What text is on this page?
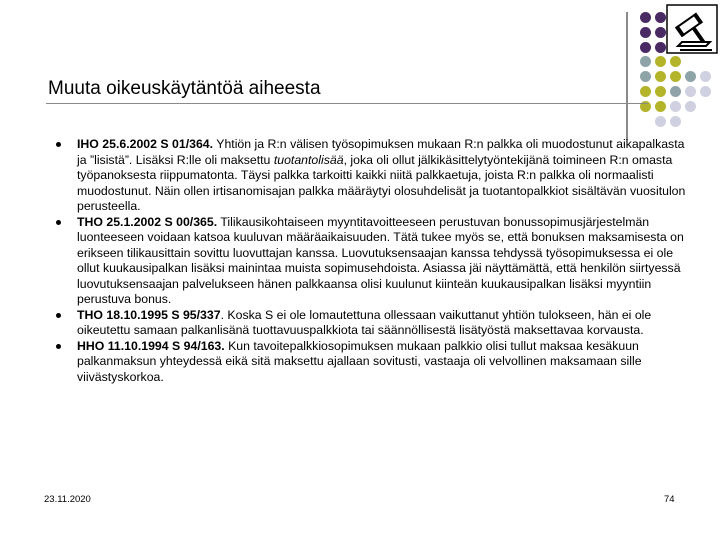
Muuta oikeuskäytäntöä aiheesta
IHO 25.6.2002 S 01/364. Yhtiön ja R:n välisen työsopimuksen mukaan R:n palkka oli muodostunut aikapalkasta ja ”lisistä”. Lisäksi R:lle oli maksettu tuotantolisää, joka oli ollut jälkikäsittelytyöntekijänä toimineen R:n omasta työpanoksesta riippumatonta. Täysi palkka tarkoitti kaikki niitä palkkaetuja, joista R:n palkka oli normaalisti muodostunut. Näin ollen irtisanomisajan palkka määräytyi olosuhdelisät ja tuotantopalkkiot sisältävän vuositulon perusteella.
THO 25.1.2002 S 00/365. Tilikausikohtaiseen myyntitavoitteeseen perustuvan bonussopimusjärjestelmän luonteeseen voidaan katsoa kuuluvan määräaikaisuuden. Tätä tukee myös se, että bonuksen maksamisesta on erikseen tilikausittain sovittu luovuttajan kanssa. Luovutuksensaajan kanssa tehdyssä työsopimuksessa ei ole ollut kuukausipalkan lisäksi mainintaa muista sopimusehdoista. Asiassa jäi näyttämättä, että henkilön siirtyessä luovutuksensaajan palvelukseen hänen palkkaansa olisi kuulunut kiinteän kuukausipalkan lisäksi myyntiin perustuva bonus.
THO 18.10.1995 S 95/337. Koska S ei ole lomautettuna ollessaan vaikuttanut yhtiön tulokseen, hän ei ole oikeutettu samaan palkanlisänä tuottavuuspalkkiota tai säännöllisestä lisätyöstä maksettavaa korvausta.
HHO 11.10.1994 S 94/163. Kun tavoitepalkkiosopimuksen mukaan palkkio olisi tullut maksaa kesäkuun palkanmaksun yhteydessä eikä sitä maksettu ajallaan sovitusti, vastaaja oli velvollinen maksamaan sille viivästyskorkoa.
23.11.2020	74
